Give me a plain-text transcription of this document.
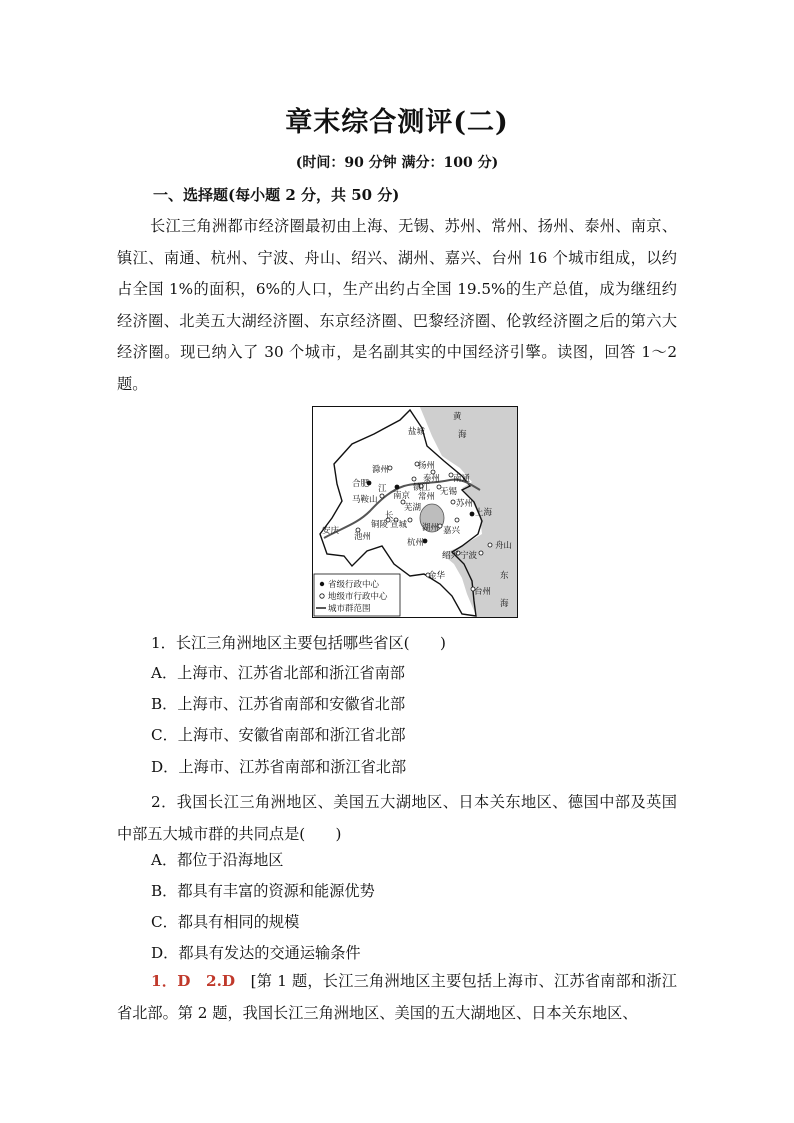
章末综合测评(二)
(时间：90 分钟 满分：100 分)
一、选择题(每小题 2 分，共 50 分)
长江三角洲都市经济圈最初由上海、无锡、苏州、常州、扬州、泰州、南京、镇江、南通、杭州、宁波、舟山、绍兴、湖州、嘉兴、台州 16 个城市组成，以约占全国 1%的面积，6%的人口，生产出约占全国 19.5%的生产总值，成为继纽约经济圈、北美五大湖经济圈、东京经济圈、巴黎经济圈、伦敦经济圈之后的第六大经济圈。现已纳入了 30 个城市，是名副其实的中国经济引擎。读图，回答 1～2 题。
省级行政中心
地级市行政中心
城市群范围
黄
海
盐城
扬州
滁州
泰州 南通
合肥 江	镇江
南京 常州 无锡
马鞍山	苏州
芜湖
长	上海
安庆
铜陵 宣城 湖州 嘉兴
池州
杭州	舟山
绍兴 宁波
金华	东
台州
海
1．长江三角洲地区主要包括哪些省区(　　)
A．上海市、江苏省北部和浙江省南部
B．上海市、江苏省南部和安徽省北部
C．上海市、安徽省南部和浙江省北部
D．上海市、江苏省南部和浙江省北部
2．我国长江三角洲地区、美国五大湖地区、日本关东地区、德国中部及英国中部五大城市群的共同点是(　　)
A．都位于沿海地区
B．都具有丰富的资源和能源优势
C．都具有相同的规模
D．都具有发达的交通运输条件
1．D　2.D　[第 1 题，长江三角洲地区主要包括上海市、江苏省南部和浙江省北部。第 2 题，我国长江三角洲地区、美国的五大湖地区、日本关东地区、
